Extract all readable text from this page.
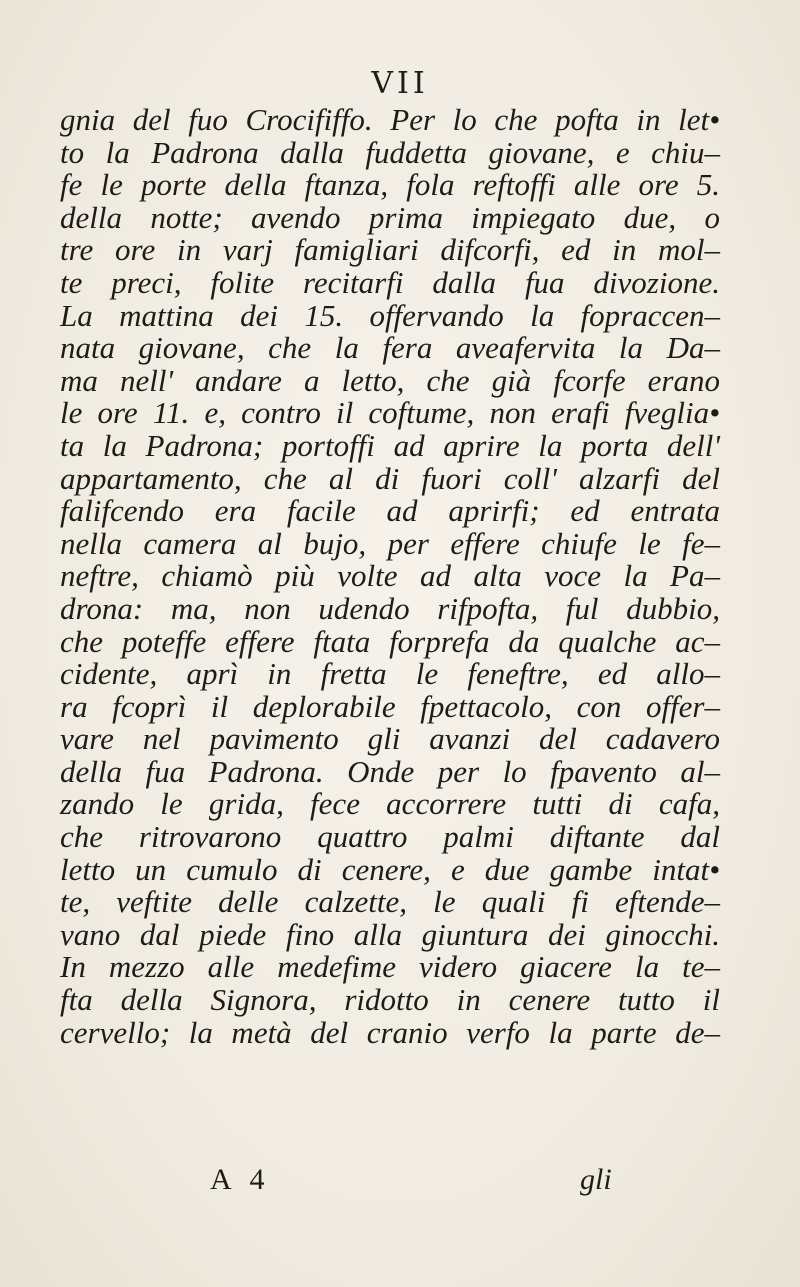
VII
gnia del fuo Crocififfo. Per lo che pofta in let•
to la Padrona dalla fuddetta giovane, e chiu‒
fe le porte della ftanza, fola reftoffi alle ore 5.
della notte; avendo prima impiegato due, o
tre ore in varj famigliari difcorfi, ed in mol‒
te preci, folite recitarfi dalla fua divozione.
La mattina dei 15. offervando la fopraccen‒
nata giovane, che la fera aveafervita la Da‒
ma nell' andare a letto, che già fcorfe erano
le ore 11. e, contro il coftume, non erafi fveglia•
ta la Padrona; portoffi ad aprire la porta dell'
appartamento, che al di fuori coll' alzarfi del
falifcendo era facile ad aprirfi; ed entrata
nella camera al bujo, per effere chiufe le fe‒
neftre, chiamò più volte ad alta voce la Pa‒
drona: ma, non udendo rifpofta, ful dubbio,
che poteffe effere ftata forprefa da qualche ac‒
cidente, aprì in fretta le feneftre, ed allo‒
ra fcoprì il deplorabile fpettacolo, con offer‒
vare nel pavimento gli avanzi del cadavero
della fua Padrona. Onde per lo fpavento al‒
zando le grida, fece accorrere tutti di cafa,
che ritrovarono quattro palmi diftante dal
letto un cumulo di cenere, e due gambe intat•
te, veftite delle calzette, le quali fi eftende‒
vano dal piede fino alla giuntura dei ginocchi.
In mezzo alle medefime videro giacere la te‒
fta della Signora, ridotto in cenere tutto il
cervello; la metà del cranio verfo la parte de‒
A 4	gli
